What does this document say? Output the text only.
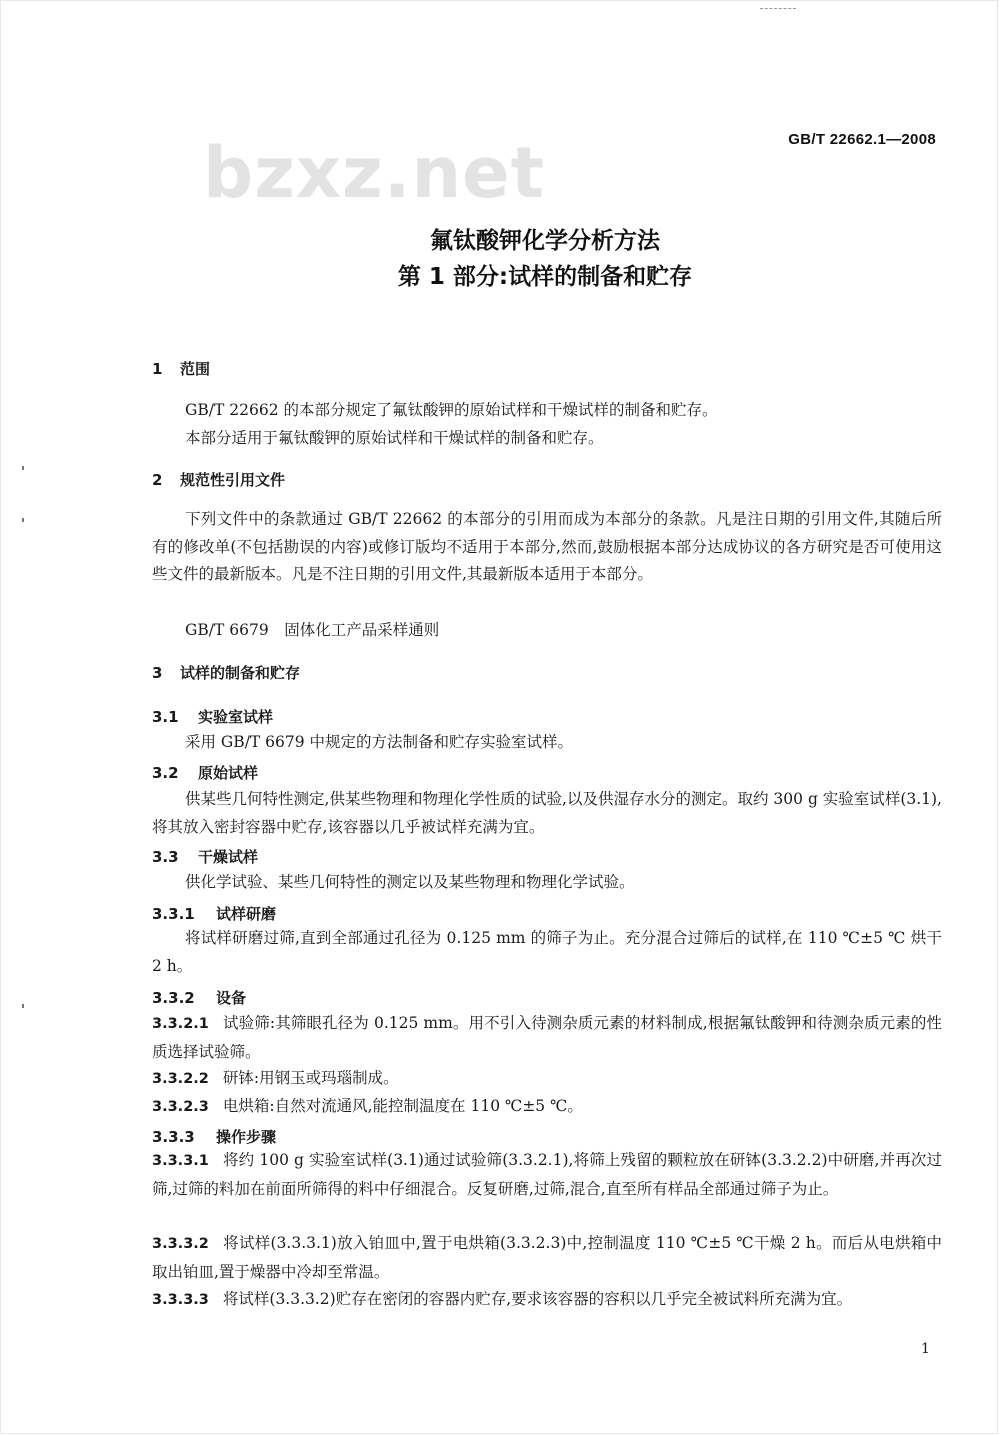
bzxz.net	GB/T 22662.1—2008
氟钛酸钾化学分析方法
第 1 部分:试样的制备和贮存
1 范围
GB/T 22662 的本部分规定了氟钛酸钾的原始试样和干燥试样的制备和贮存。
本部分适用于氟钛酸钾的原始试样和干燥试样的制备和贮存。
2 规范性引用文件
下列文件中的条款通过 GB/T 22662 的本部分的引用而成为本部分的条款。凡是注日期的引用文件,其随后所有的修改单(不包括勘误的内容)或修订版均不适用于本部分,然而,鼓励根据本部分达成协议的各方研究是否可使用这些文件的最新版本。凡是不注日期的引用文件,其最新版本适用于本部分。
GB/T 6679　固体化工产品采样通则
3 试样的制备和贮存
3.1 实验室试样
采用 GB/T 6679 中规定的方法制备和贮存实验室试样。
3.2 原始试样
供某些几何特性测定,供某些物理和物理化学性质的试验,以及供湿存水分的测定。取约 300 g 实验室试样(3.1),将其放入密封容器中贮存,该容器以几乎被试样充满为宜。
3.3 干燥试样
供化学试验、某些几何特性的测定以及某些物理和物理化学试验。
3.3.1 试样研磨
将试样研磨过筛,直到全部通过孔径为 0.125 mm 的筛子为止。充分混合过筛后的试样,在 110 ℃±5 ℃ 烘干 2 h。
3.3.2 设备
3.3.2.1 试验筛:其筛眼孔径为 0.125 mm。用不引入待测杂质元素的材料制成,根据氟钛酸钾和待测杂质元素的性质选择试验筛。
3.3.2.2 研钵:用钢玉或玛瑙制成。
3.3.2.3 电烘箱:自然对流通风,能控制温度在 110 ℃±5 ℃。
3.3.3 操作步骤
3.3.3.1 将约 100 g 实验室试样(3.1)通过试验筛(3.3.2.1),将筛上残留的颗粒放在研钵(3.3.2.2)中研磨,并再次过筛,过筛的料加在前面所筛得的料中仔细混合。反复研磨,过筛,混合,直至所有样品全部通过筛子为止。
3.3.3.2 将试样(3.3.3.1)放入铂皿中,置于电烘箱(3.3.2.3)中,控制温度 110 ℃±5 ℃干燥 2 h。而后从电烘箱中取出铂皿,置于燥器中冷却至常温。
3.3.3.3 将试样(3.3.3.2)贮存在密闭的容器内贮存,要求该容器的容积以几乎完全被试料所充满为宜。
1
